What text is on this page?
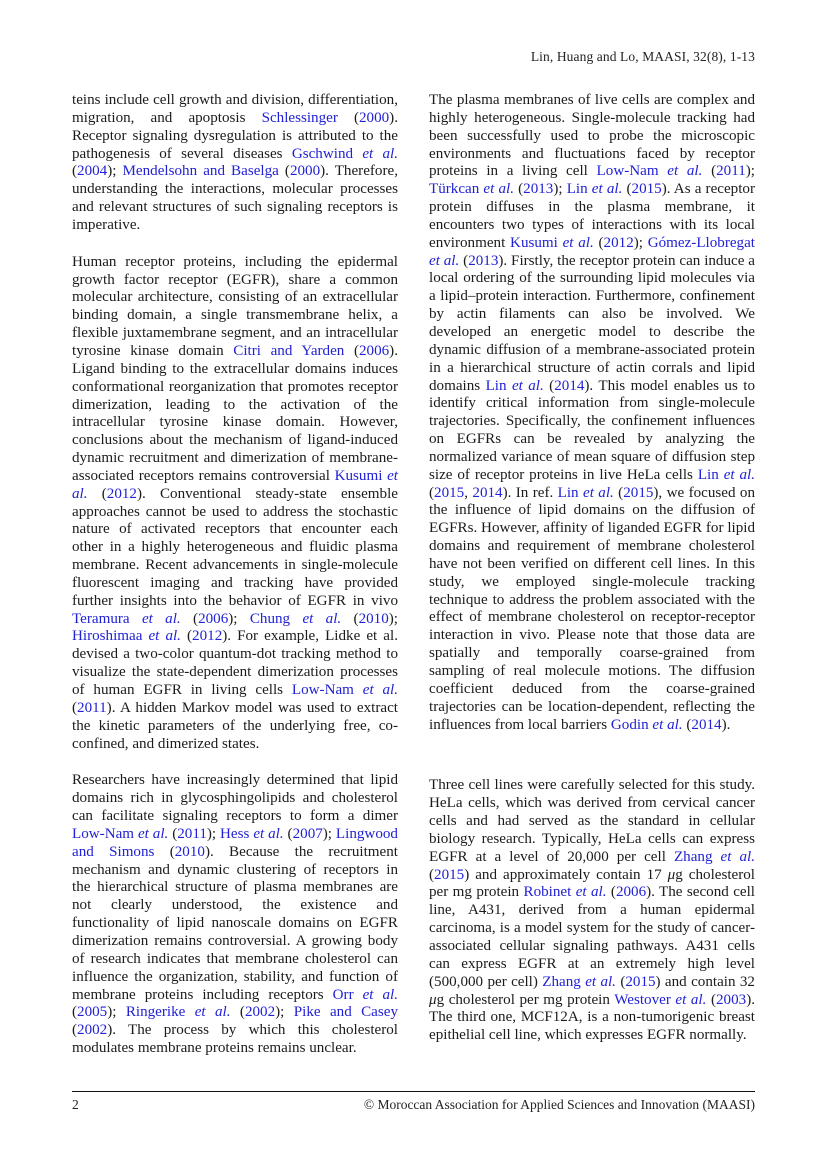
Lin, Huang and Lo, MAASI, 32(8), 1-13

teins include cell growth and division, differentiation, migration, and apoptosis Schlessinger (2000). Receptor signaling dysregulation is attributed to the pathogenesis of several diseases Gschwind et al. (2004); Mendelsohn and Baselga (2000). Therefore, understanding the interactions, molecular processes and relevant structures of such signaling receptors is imperative.

Human receptor proteins, including the epidermal growth factor receptor (EGFR), share a common molecular architecture, consisting of an extracellular binding domain, a single transmembrane helix, a flexible juxtamembrane segment, and an intracellular tyrosine kinase domain Citri and Yarden (2006). Ligand binding to the extracellular domains induces conformational reorganization that promotes receptor dimerization, leading to the activation of the intracellular tyrosine kinase domain. However, conclusions about the mechanism of ligand-induced dynamic recruitment and dimerization of membrane-associated receptors remains controversial Kusumi et al. (2012). Conventional steady-state ensemble approaches cannot be used to address the stochastic nature of activated receptors that encounter each other in a highly heterogeneous and fluidic plasma membrane. Recent advancements in single-molecule fluorescent imaging and tracking have provided further insights into the behavior of EGFR in vivo Teramura et al. (2006); Chung et al. (2010); Hiroshimaa et al. (2012). For example, Lidke et al. devised a two-color quantum-dot tracking method to visualize the state-dependent dimerization processes of human EGFR in living cells Low-Nam et al. (2011). A hidden Markov model was used to extract the kinetic parameters of the underlying free, co-confined, and dimerized states.

Researchers have increasingly determined that lipid domains rich in glycosphingolipids and cholesterol can facilitate signaling receptors to form a dimer Low-Nam et al. (2011); Hess et al. (2007); Lingwood and Simons (2010). Because the recruitment mechanism and dynamic clustering of receptors in the hierarchical structure of plasma membranes are not clearly understood, the existence and functionality of lipid nanoscale domains on EGFR dimerization remains controversial. A growing body of research indicates that membrane cholesterol can influence the organization, stability, and function of membrane proteins including receptors Orr et al. (2005); Ringerike et al. (2002); Pike and Casey (2002). The process by which this cholesterol modulates membrane proteins remains unclear.

The plasma membranes of live cells are complex and highly heterogeneous. Single-molecule tracking had been successfully used to probe the microscopic environments and fluctuations faced by receptor proteins in a living cell Low-Nam et al. (2011); Türkcan et al. (2013); Lin et al. (2015). As a receptor protein diffuses in the plasma membrane, it encounters two types of interactions with its local environment Kusumi et al. (2012); Gómez-Llobregat et al. (2013). Firstly, the receptor protein can induce a local ordering of the surrounding lipid molecules via a lipid–protein interaction. Furthermore, confinement by actin filaments can also be involved. We developed an energetic model to describe the dynamic diffusion of a membrane-associated protein in a hierarchical structure of actin corrals and lipid domains Lin et al. (2014). This model enables us to identify critical information from single-molecule trajectories. Specifically, the confinement influences on EGFRs can be revealed by analyzing the normalized variance of mean square of diffusion step size of receptor proteins in live HeLa cells Lin et al. (2015, 2014). In ref. Lin et al. (2015), we focused on the influence of lipid domains on the diffusion of EGFRs. However, affinity of liganded EGFR for lipid domains and requirement of membrane cholesterol have not been verified on different cell lines. In this study, we employed single-molecule tracking technique to address the problem associated with the effect of membrane cholesterol on receptor-receptor interaction in vivo. Please note that those data are spatially and temporally coarse-grained from sampling of real molecule motions. The diffusion coefficient deduced from the coarse-grained trajectories can be location-dependent, reflecting the influences from local barriers Godin et al. (2014).

Three cell lines were carefully selected for this study. HeLa cells, which was derived from cervical cancer cells and had served as the standard in cellular biology research. Typically, HeLa cells can express EGFR at a level of 20,000 per cell Zhang et al. (2015) and approximately contain 17 μg cholesterol per mg protein Robinet et al. (2006). The second cell line, A431, derived from a human epidermal carcinoma, is a model system for the study of cancer-associated cellular signaling pathways. A431 cells can express EGFR at an extremely high level (500,000 per cell) Zhang et al. (2015) and contain 32 μg cholesterol per mg protein Westover et al. (2003). The third one, MCF12A, is a non-tumorigenic breast epithelial cell line, which expresses EGFR normally.

2	© Moroccan Association for Applied Sciences and Innovation (MAASI)
